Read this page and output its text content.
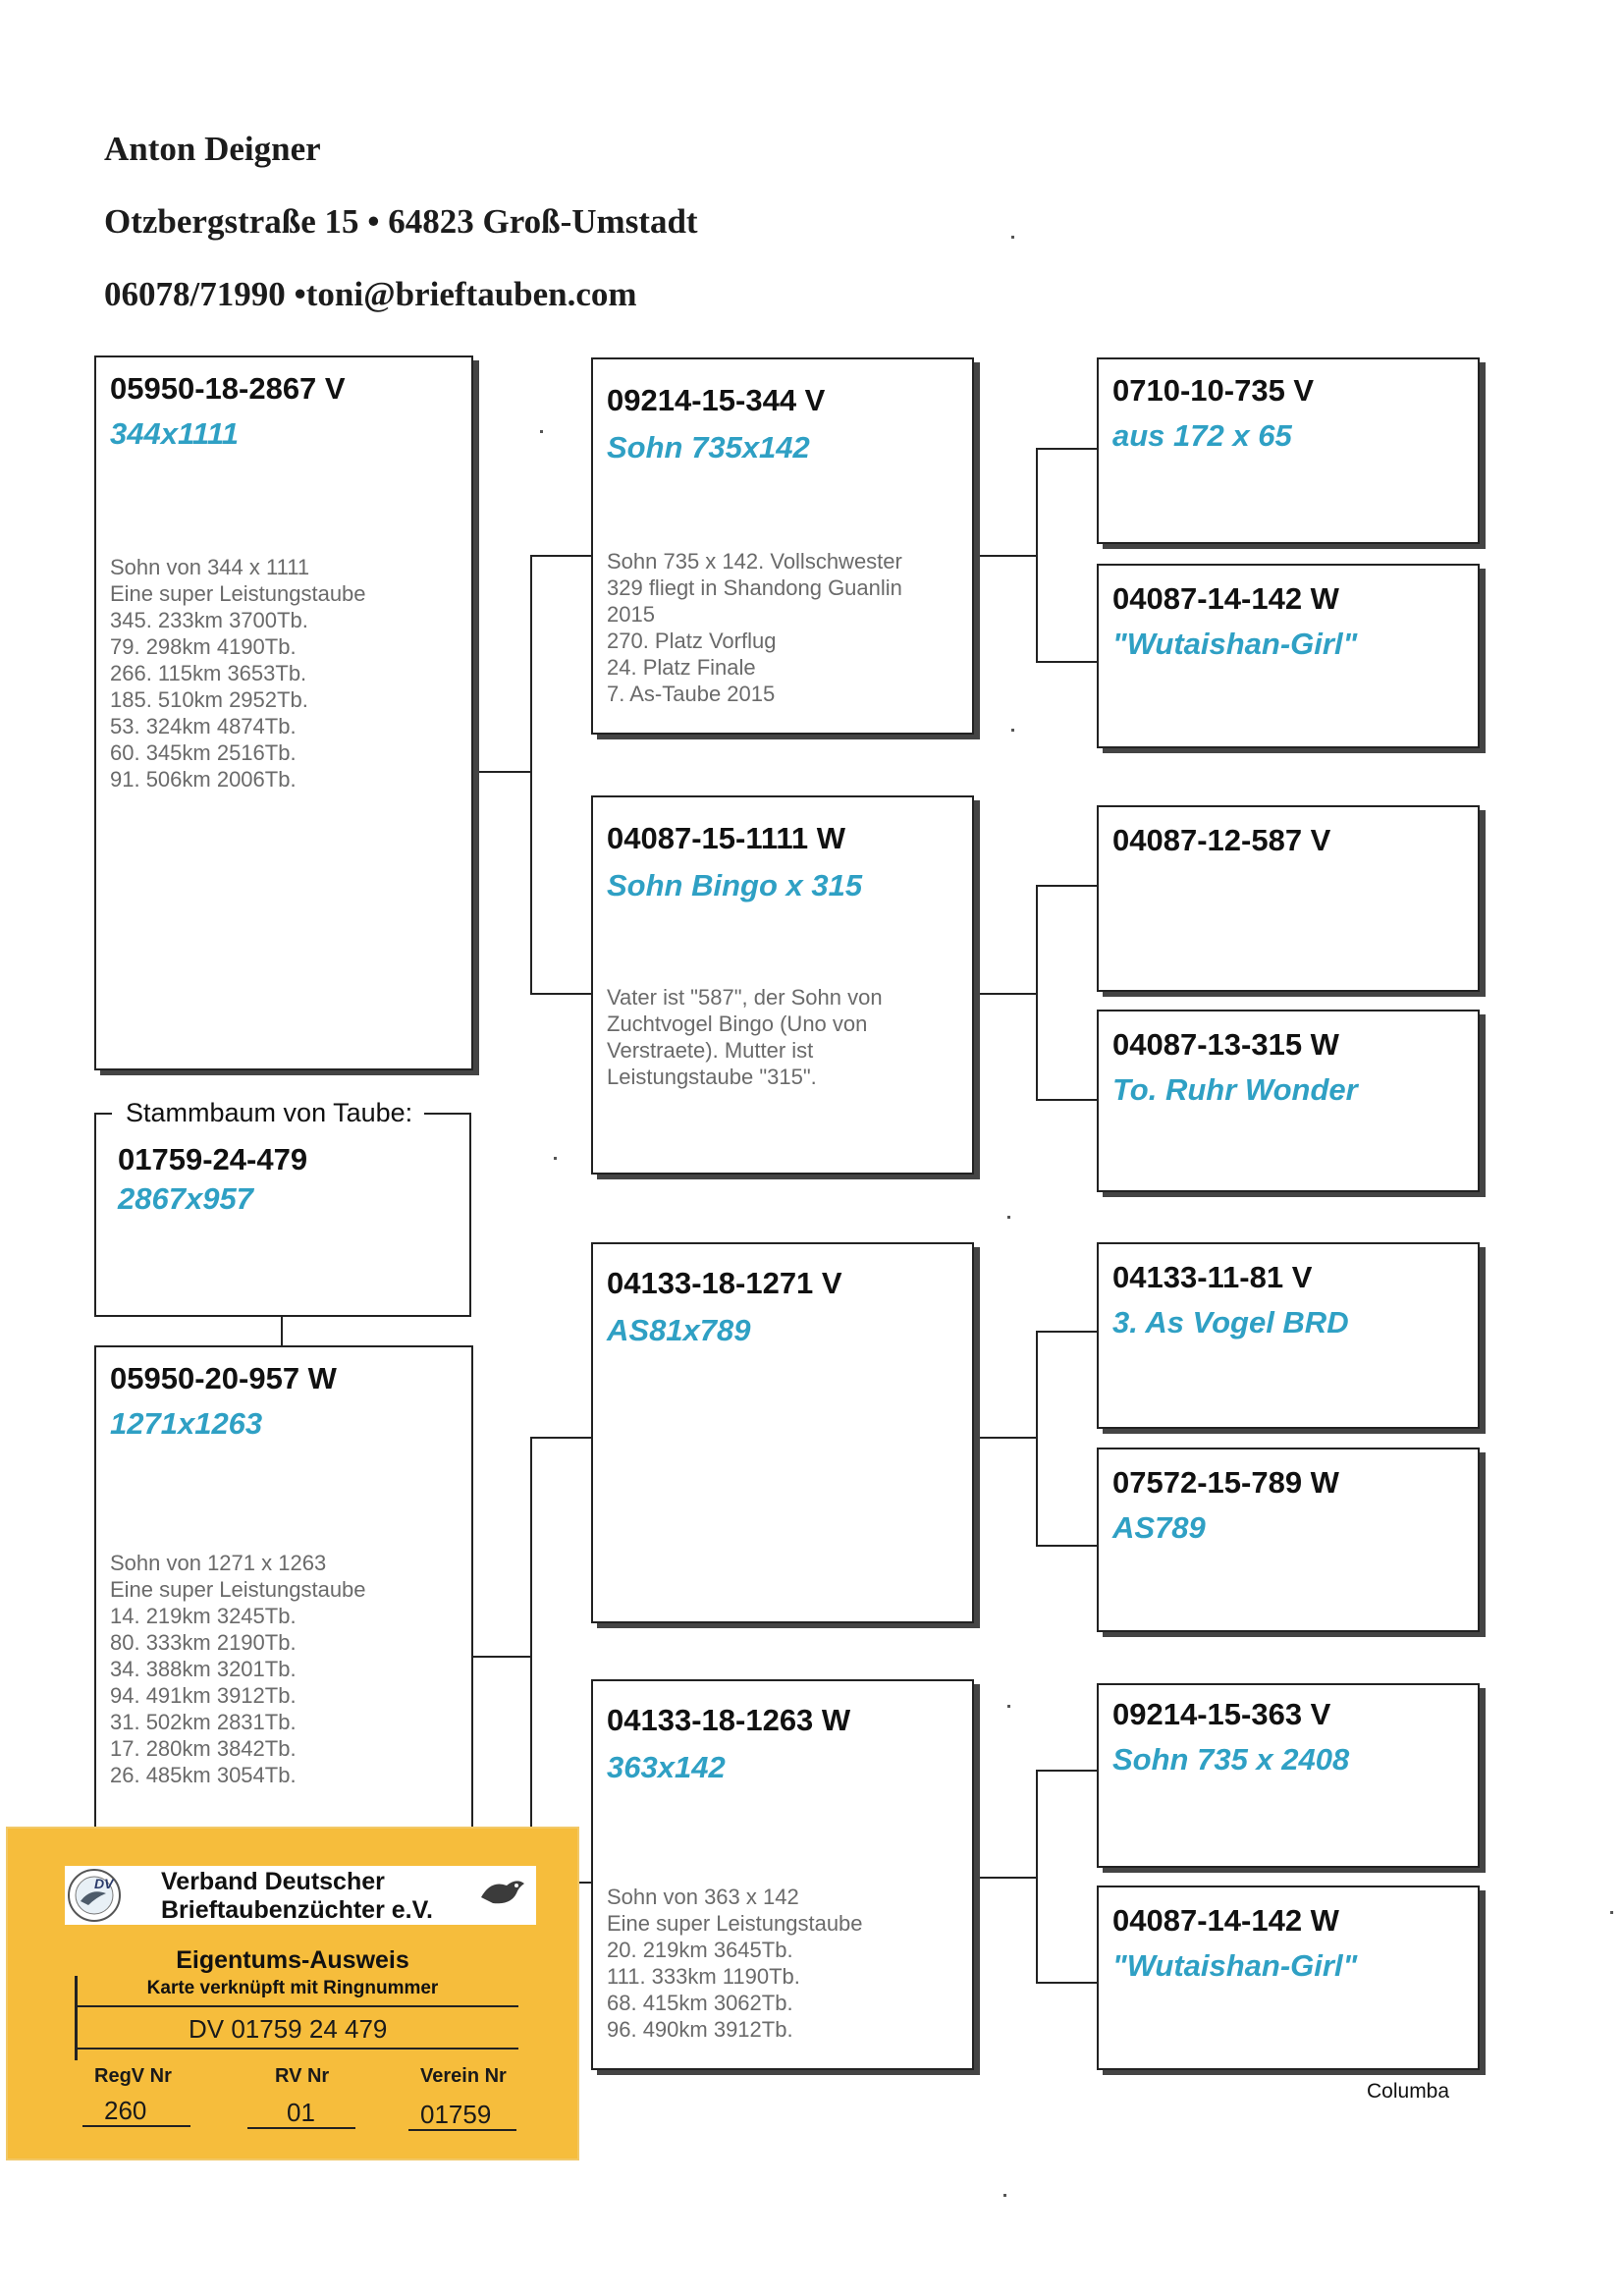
Anton Deigner
Otzbergstraße 15 • 64823 Groß-Umstadt
06078/71990 •toni@brieftauben.com
05950-18-2867 V
344x1111
Sohn von 344 x 1111
Eine super Leistungstaube
345. 233km 3700Tb.
79. 298km 4190Tb.
266. 115km 3653Tb.
185. 510km 2952Tb.
53. 324km 4874Tb.
60. 345km 2516Tb.
91. 506km 2006Tb.
Stammbaum von Taube:
01759-24-479
2867x957
05950-20-957 W
1271x1263
Sohn von 1271 x 1263
Eine super Leistungstaube
14. 219km 3245Tb.
80. 333km 2190Tb.
34. 388km 3201Tb.
94. 491km 3912Tb.
31. 502km 2831Tb.
17. 280km 3842Tb.
26. 485km 3054Tb.
09214-15-344 V
Sohn 735x142
Sohn 735 x 142. Vollschwester
329 fliegt in Shandong Guanlin
2015
270. Platz Vorflug
24. Platz Finale
7. As-Taube 2015
04087-15-1111 W
Sohn Bingo x 315
Vater ist "587", der Sohn von
Zuchtvogel Bingo (Uno von
Verstraete). Mutter ist
Leistungstaube "315".
04133-18-1271 V
AS81x789
04133-18-1263 W
363x142
Sohn von 363 x 142
Eine super Leistungstaube
20. 219km 3645Tb.
111. 333km 1190Tb.
68. 415km 3062Tb.
96. 490km 3912Tb.
0710-10-735 V
aus 172 x 65
04087-14-142 W
"Wutaishan-Girl"
04087-12-587 V
04087-13-315 W
To. Ruhr Wonder
04133-11-81 V
3. As Vogel BRD
07572-15-789 W
AS789
09214-15-363 V
Sohn 735 x 2408
04087-14-142 W
"Wutaishan-Girl"
Columba
DV Verband Deutscher
Brieftaubenzüchter e.V.
Eigentums-Ausweis
Karte verknüpft mit Ringnummer
DV 01759 24 479
RegV Nr	RV Nr	Verein Nr
260	01	01759
